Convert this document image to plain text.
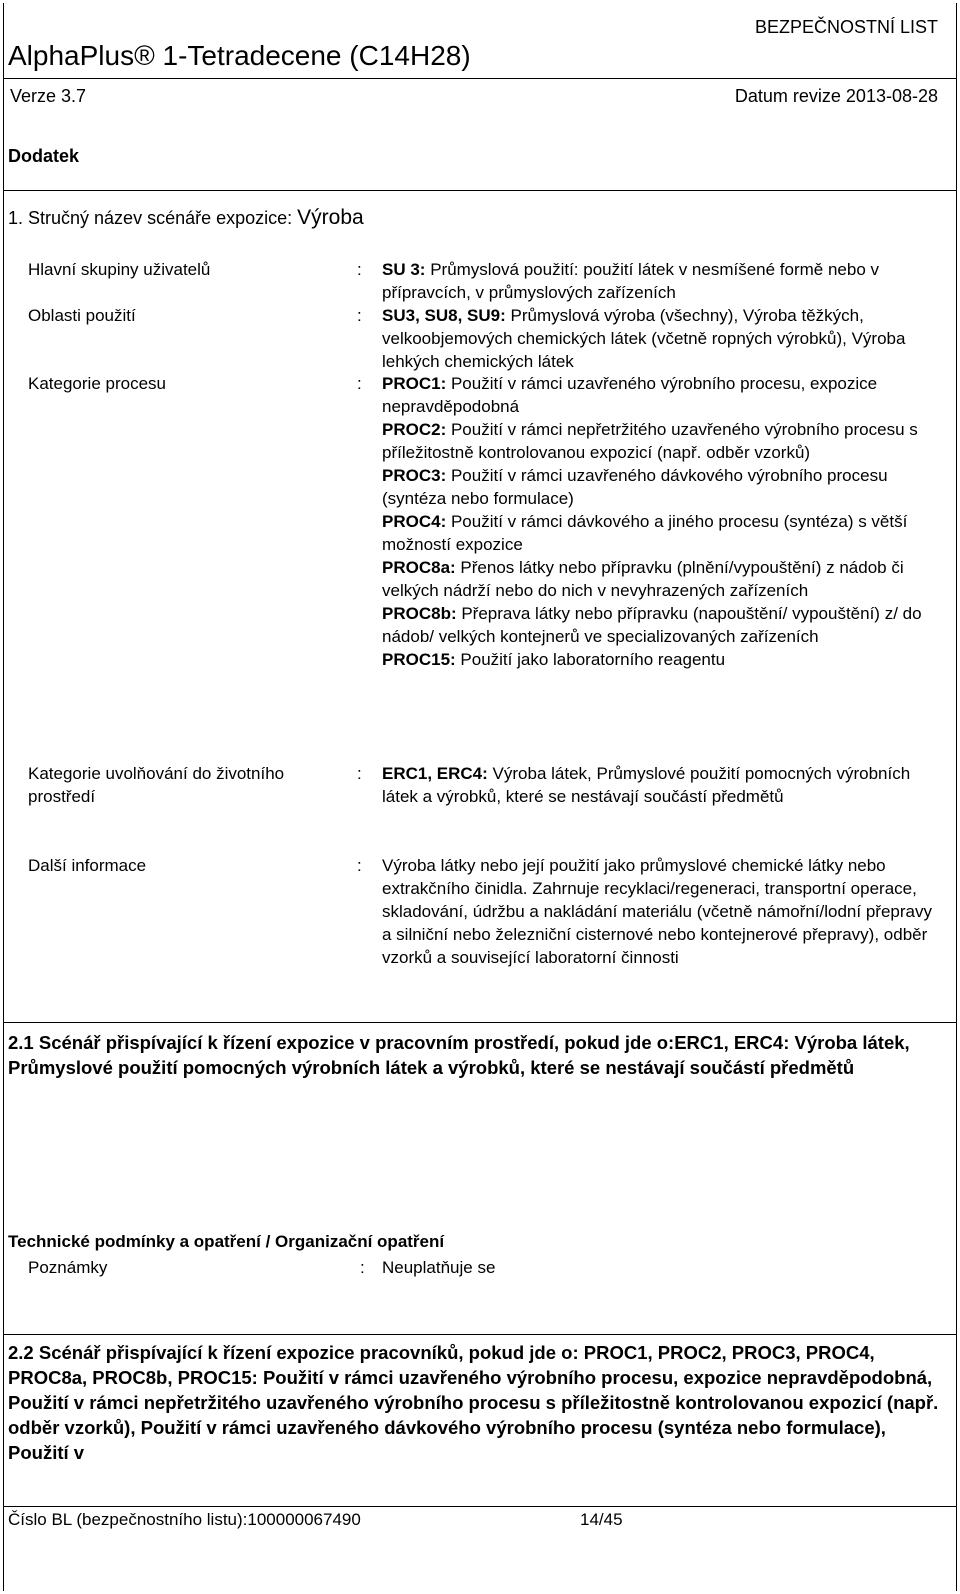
BEZPEČNOSTNÍ LIST
AlphaPlus® 1-Tetradecene (C14H28)
Verze 3.7	Datum revize 2013-08-28
Dodatek
1. Stručný název scénáře expozice: Výroba
Hlavní skupiny uživatelů	: SU 3: Průmyslová použití: použití látek v nesmíšené formě nebo v přípravcích, v průmyslových zařízeních

Oblasti použití	: SU3, SU8, SU9: Průmyslová výroba (všechny), Výroba těžkých, velkoobjemových chemických látek (včetně ropných výrobků), Výroba lehkých chemických látek

Kategorie procesu	: PROC1: Použití v rámci uzavřeného výrobního procesu, expozice nepravděpodobná

PROC2: Použití v rámci nepřetržitého uzavřeného výrobního procesu s příležitostně kontrolovanou expozicí (např. odběr vzorků)

PROC3: Použití v rámci uzavřeného dávkového výrobního procesu (syntéza nebo formulace)

PROC4: Použití v rámci dávkového a jiného procesu (syntéza) s větší možností expozice

PROC8a: Přenos látky nebo přípravku (plnění/vypouštění) z nádob či velkých nádrží nebo do nich v nevyhrazených zařízeních

PROC8b: Přeprava látky nebo přípravku (napouštění/ vypouštění) z/ do nádob/ velkých kontejnerů ve specializovaných zařízeních

PROC15: Použití jako laboratorního reagentu

Kategorie uvolňování do životního prostředí
: ERC1, ERC4: Výroba látek, Průmyslové použití pomocných výrobních látek a výrobků, které se nestávají součástí předmětů

Další informace	: Výroba látky nebo její použití jako průmyslové chemické látky nebo extrakčního činidla. Zahrnuje recyklaci/regeneraci, transportní operace, skladování, údržbu a nakládání materiálu (včetně námořní/lodní přepravy a silniční nebo železniční cisternové nebo kontejnerové přepravy), odběr vzorků a související laboratorní činnosti

2.1 Scénář přispívající k řízení expozice v pracovním prostředí, pokud jde o:ERC1, ERC4: Výroba látek, Průmyslové použití pomocných výrobních látek a výrobků, které se nestávají součástí předmětů
Technické podmínky a opatření / Organizační opatření
Poznámky	: Neuplatňuje se
2.2 Scénář přispívající k řízení expozice pracovníků, pokud jde o: PROC1, PROC2, PROC3, PROC4, PROC8a, PROC8b, PROC15: Použití v rámci uzavřeného výrobního procesu, expozice nepravděpodobná, Použití v rámci nepřetržitého uzavřeného výrobního procesu s příležitostně kontrolovanou expozicí (např. odběr vzorků), Použití v rámci uzavřeného dávkového výrobního procesu (syntéza nebo formulace), Použití v
Číslo BL (bezpečnostního listu):100000067490	14/45
